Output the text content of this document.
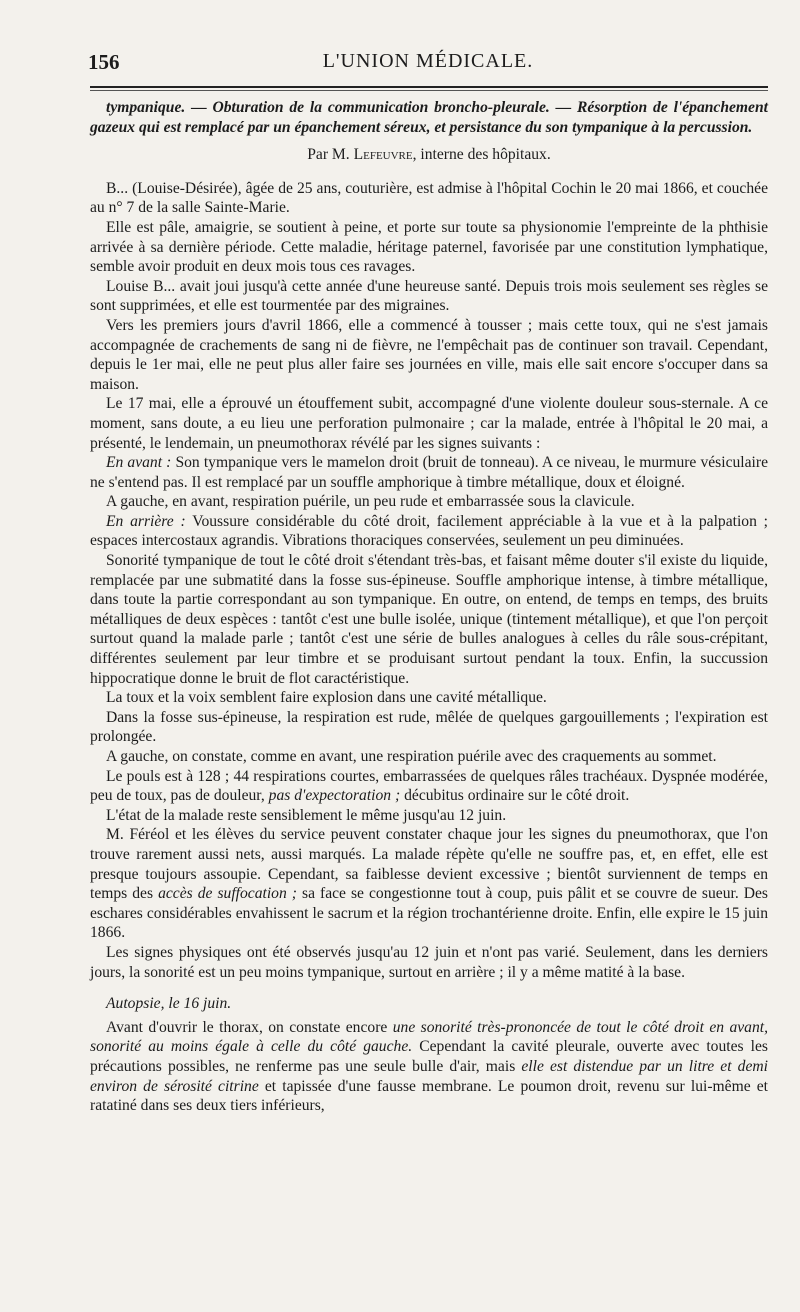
156	L'UNION MÉDICALE.

tympanique. — Obturation de la communication broncho-pleurale. — Résorption de l'épanchement gazeux qui est remplacé par un épanchement séreux, et persistance du son tympanique à la percussion.

Par M. Lefeuvre, interne des hôpitaux.

B... (Louise-Désirée), âgée de 25 ans, couturière, est admise à l'hôpital Cochin le 20 mai 1866, et couchée au n° 7 de la salle Sainte-Marie.

Elle est pâle, amaigrie, se soutient à peine, et porte sur toute sa physionomie l'empreinte de la phthisie arrivée à sa dernière période. Cette maladie, héritage paternel, favorisée par une constitution lymphatique, semble avoir produit en deux mois tous ces ravages.

Louise B... avait joui jusqu'à cette année d'une heureuse santé. Depuis trois mois seulement ses règles se sont supprimées, et elle est tourmentée par des migraines.

Vers les premiers jours d'avril 1866, elle a commencé à tousser ; mais cette toux, qui ne s'est jamais accompagnée de crachements de sang ni de fièvre, ne l'empêchait pas de continuer son travail. Cependant, depuis le 1er mai, elle ne peut plus aller faire ses journées en ville, mais elle sait encore s'occuper dans sa maison.

Le 17 mai, elle a éprouvé un étouffement subit, accompagné d'une violente douleur sous-sternale. A ce moment, sans doute, a eu lieu une perforation pulmonaire ; car la malade, entrée à l'hôpital le 20 mai, a présenté, le lendemain, un pneumothorax révélé par les signes suivants :

En avant : Son tympanique vers le mamelon droit (bruit de tonneau). A ce niveau, le murmure vésiculaire ne s'entend pas. Il est remplacé par un souffle amphorique à timbre métallique, doux et éloigné.

A gauche, en avant, respiration puérile, un peu rude et embarrassée sous la clavicule.

En arrière : Voussure considérable du côté droit, facilement appréciable à la vue et à la palpation ; espaces intercostaux agrandis. Vibrations thoraciques conservées, seulement un peu diminuées.

Sonorité tympanique de tout le côté droit s'étendant très-bas, et faisant même douter s'il existe du liquide, remplacée par une submatité dans la fosse sus-épineuse. Souffle amphorique intense, à timbre métallique, dans toute la partie correspondant au son tympanique. En outre, on entend, de temps en temps, des bruits métalliques de deux espèces : tantôt c'est une bulle isolée, unique (tintement métallique), et que l'on perçoit surtout quand la malade parle ; tantôt c'est une série de bulles analogues à celles du râle sous-crépitant, différentes seulement par leur timbre et se produisant surtout pendant la toux. Enfin, la succussion hippocratique donne le bruit de flot caractéristique.

La toux et la voix semblent faire explosion dans une cavité métallique.

Dans la fosse sus-épineuse, la respiration est rude, mêlée de quelques gargouillements ; l'expiration est prolongée.

A gauche, on constate, comme en avant, une respiration puérile avec des craquements au sommet.

Le pouls est à 128 ; 44 respirations courtes, embarrassées de quelques râles trachéaux. Dyspnée modérée, peu de toux, pas de douleur, pas d'expectoration ; décubitus ordinaire sur le côté droit.

L'état de la malade reste sensiblement le même jusqu'au 12 juin.

M. Féréol et les élèves du service peuvent constater chaque jour les signes du pneumothorax, que l'on trouve rarement aussi nets, aussi marqués. La malade répète qu'elle ne souffre pas, et, en effet, elle est presque toujours assoupie. Cependant, sa faiblesse devient excessive ; bientôt surviennent de temps en temps des accès de suffocation ; sa face se congestionne tout à coup, puis pâlit et se couvre de sueur. Des eschares considérables envahissent le sacrum et la région trochantérienne droite. Enfin, elle expire le 15 juin 1866.

Les signes physiques ont été observés jusqu'au 12 juin et n'ont pas varié. Seulement, dans les derniers jours, la sonorité est un peu moins tympanique, surtout en arrière ; il y a même matité à la base.

Autopsie, le 16 juin.

Avant d'ouvrir le thorax, on constate encore une sonorité très-prononcée de tout le côté droit en avant, sonorité au moins égale à celle du côté gauche. Cependant la cavité pleurale, ouverte avec toutes les précautions possibles, ne renferme pas une seule bulle d'air, mais elle est distendue par un litre et demi environ de sérosité citrine et tapissée d'une fausse membrane. Le poumon droit, revenu sur lui-même et ratatiné dans ses deux tiers inférieurs,
